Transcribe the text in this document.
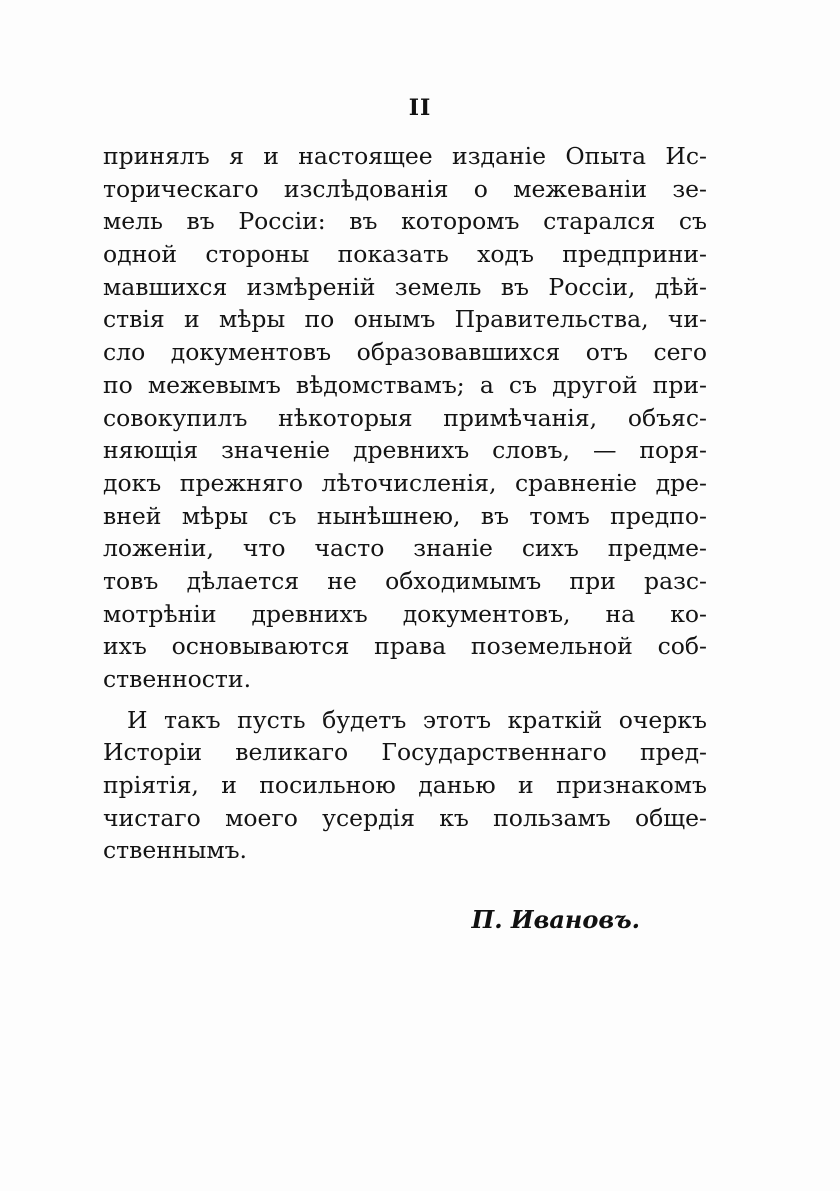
II
принялъ я и настоящее изданіе Опыта Ис-
торическаго изслѣдованія о межеваніи зе-
мель въ Россіи: въ которомъ старался съ
одной стороны показать ходъ предприни-
мавшихся измѣреній земель въ Россіи, дѣй-
ствія и мѣры по онымъ Правительства, чи-
сло документовъ образовавшихся отъ сего
по межевымъ вѣдомствамъ; а съ другой при-
совокупилъ нѣкоторыя примѣчанія, объяс-
няющія значеніе древнихъ словъ, — поря-
докъ прежняго лѣточисленія, сравненіе дре-
вней мѣры съ нынѣшнею, въ томъ предпо-
ложеніи, что часто знаніе сихъ предме-
товъ дѣлается не обходимымъ при разс-
мотрѣніи древнихъ документовъ, на ко-
ихъ основываются права поземельной соб-
ственности.
И такъ пусть будетъ этотъ краткій очеркъ
Исторіи великаго Государственнаго пред-
пріятія, и посильною данью и признакомъ
чистаго моего усердія къ пользамъ обще-
ственнымъ.
П. Ивановъ.
